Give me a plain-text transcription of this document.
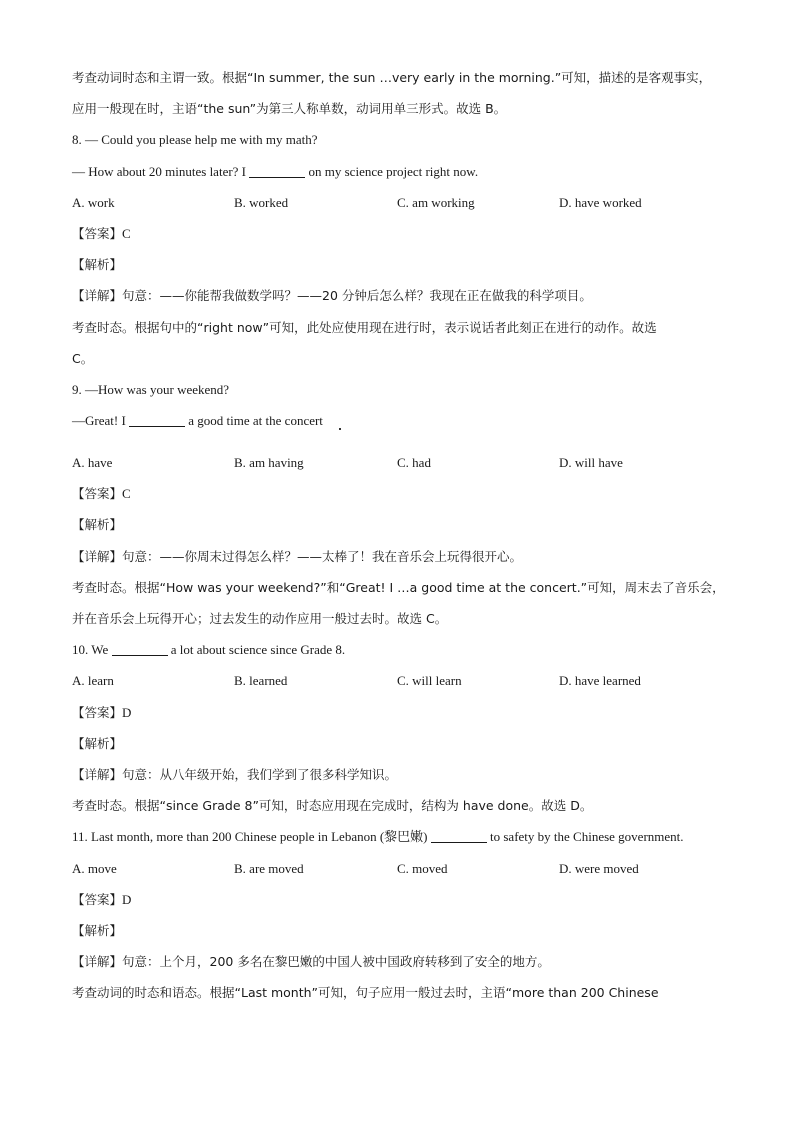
考查动词时态和主谓一致。根据“In summer, the sun …very early in the morning.”可知，描述的是客观事实，
应用一般现在时，主语“the sun”为第三人称单数，动词用单三形式。故选 B。
8. — Could you please help me with my math?
— How about 20 minutes later? I	on my science project right now.
A. work	B. worked	C. am working	D. have worked
【答案】C
【解析】
【详解】句意：——你能帮我做数学吗？——20 分钟后怎么样？我现在正在做我的科学项目。
考查时态。根据句中的“right now”可知，此处应使用现在进行时，表示说话者此刻正在进行的动作。故选
C。
9. —How was your weekend?
—Great! I	a good time at the concert
A. have	B. am having	C. had	D. will have
【答案】C
【解析】
【详解】句意：——你周末过得怎么样？——太棒了！我在音乐会上玩得很开心。
考查时态。根据“How was your weekend?”和“Great! I …a good time at the concert.”可知，周末去了音乐会，
并在音乐会上玩得开心；过去发生的动作应用一般过去时。故选 C。
10. We	a lot about science since Grade 8.
A. learn	B. learned	C. will learn	D. have learned
【答案】D
【解析】
【详解】句意：从八年级开始，我们学到了很多科学知识。
考查时态。根据“since Grade 8”可知，时态应用现在完成时，结构为 have done。故选 D。
11. Last month, more than 200 Chinese people in Lebanon (黎巴嫩)	to safety by the Chinese government.
A. move	B. are moved	C. moved	D. were moved
【答案】D
【解析】
【详解】句意：上个月，200 多名在黎巴嫩的中国人被中国政府转移到了安全的地方。
考查动词的时态和语态。根据“Last month”可知，句子应用一般过去时，主语“more than 200 Chinese
